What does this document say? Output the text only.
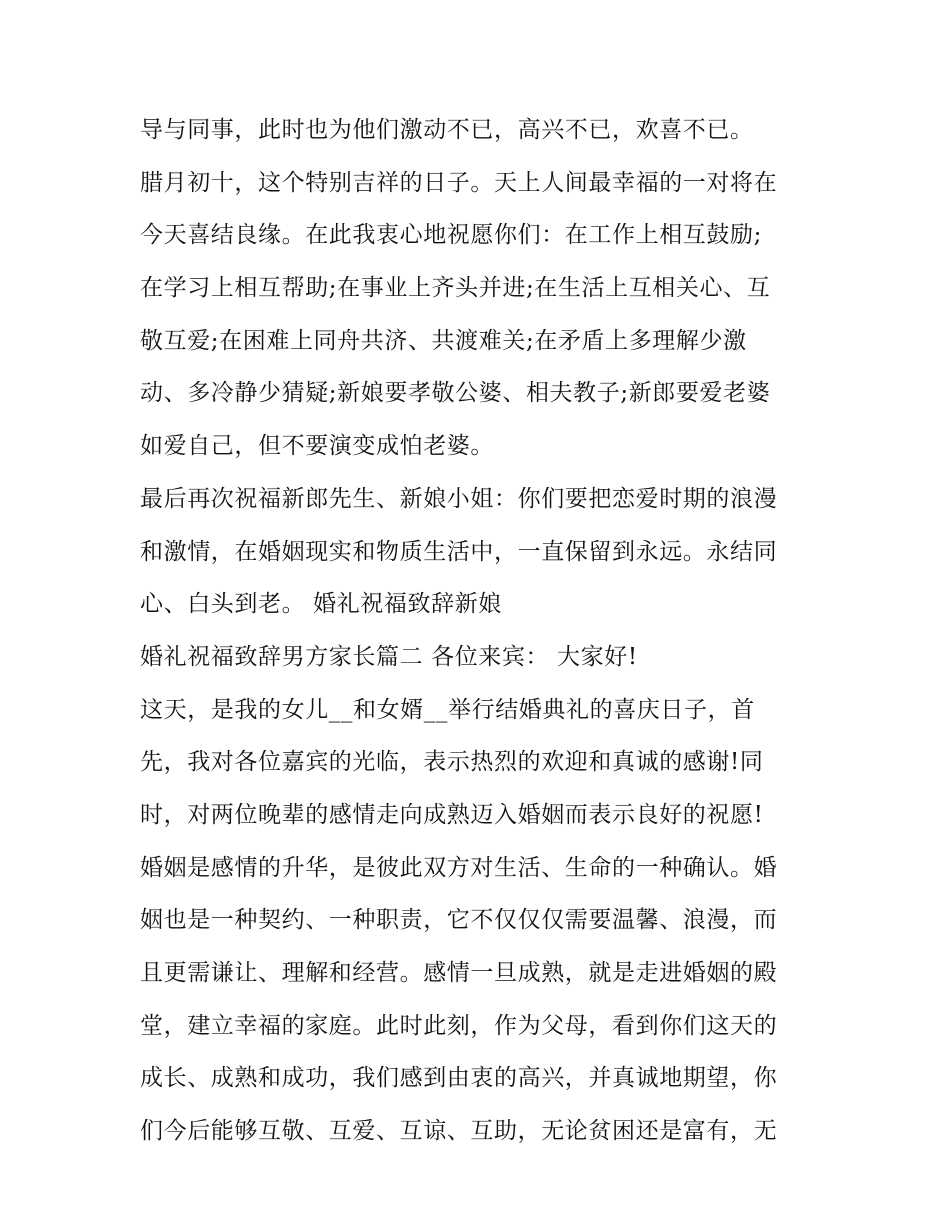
导与同事，此时也为他们激动不已，高兴不已，欢喜不已。
腊月初十，这个特别吉祥的日子。天上人间最幸福的一对将在
今天喜结良缘。在此我衷心地祝愿你们：在工作上相互鼓励;
在学习上相互帮助;在事业上齐头并进;在生活上互相关心、互
敬互爱;在困难上同舟共济、共渡难关;在矛盾上多理解少激
动、多冷静少猜疑;新娘要孝敬公婆、相夫教子;新郎要爱老婆
如爱自己，但不要演变成怕老婆。
最后再次祝福新郎先生、新娘小姐：你们要把恋爱时期的浪漫
和激情，在婚姻现实和物质生活中，一直保留到永远。永结同
心、白头到老。 婚礼祝福致辞新娘
婚礼祝福致辞男方家长篇二 各位来宾： 大家好!
这天，是我的女儿__和女婿__举行结婚典礼的喜庆日子，首
先，我对各位嘉宾的光临，表示热烈的欢迎和真诚的感谢!同
时，对两位晚辈的感情走向成熟迈入婚姻而表示良好的祝愿!
婚姻是感情的升华，是彼此双方对生活、生命的一种确认。婚
姻也是一种契约、一种职责，它不仅仅仅需要温馨、浪漫，而
且更需谦让、理解和经营。感情一旦成熟，就是走进婚姻的殿
堂，建立幸福的家庭。此时此刻，作为父母，看到你们这天的
成长、成熟和成功，我们感到由衷的高兴，并真诚地期望，你
们今后能够互敬、互爱、互谅、互助，无论贫困还是富有，无
